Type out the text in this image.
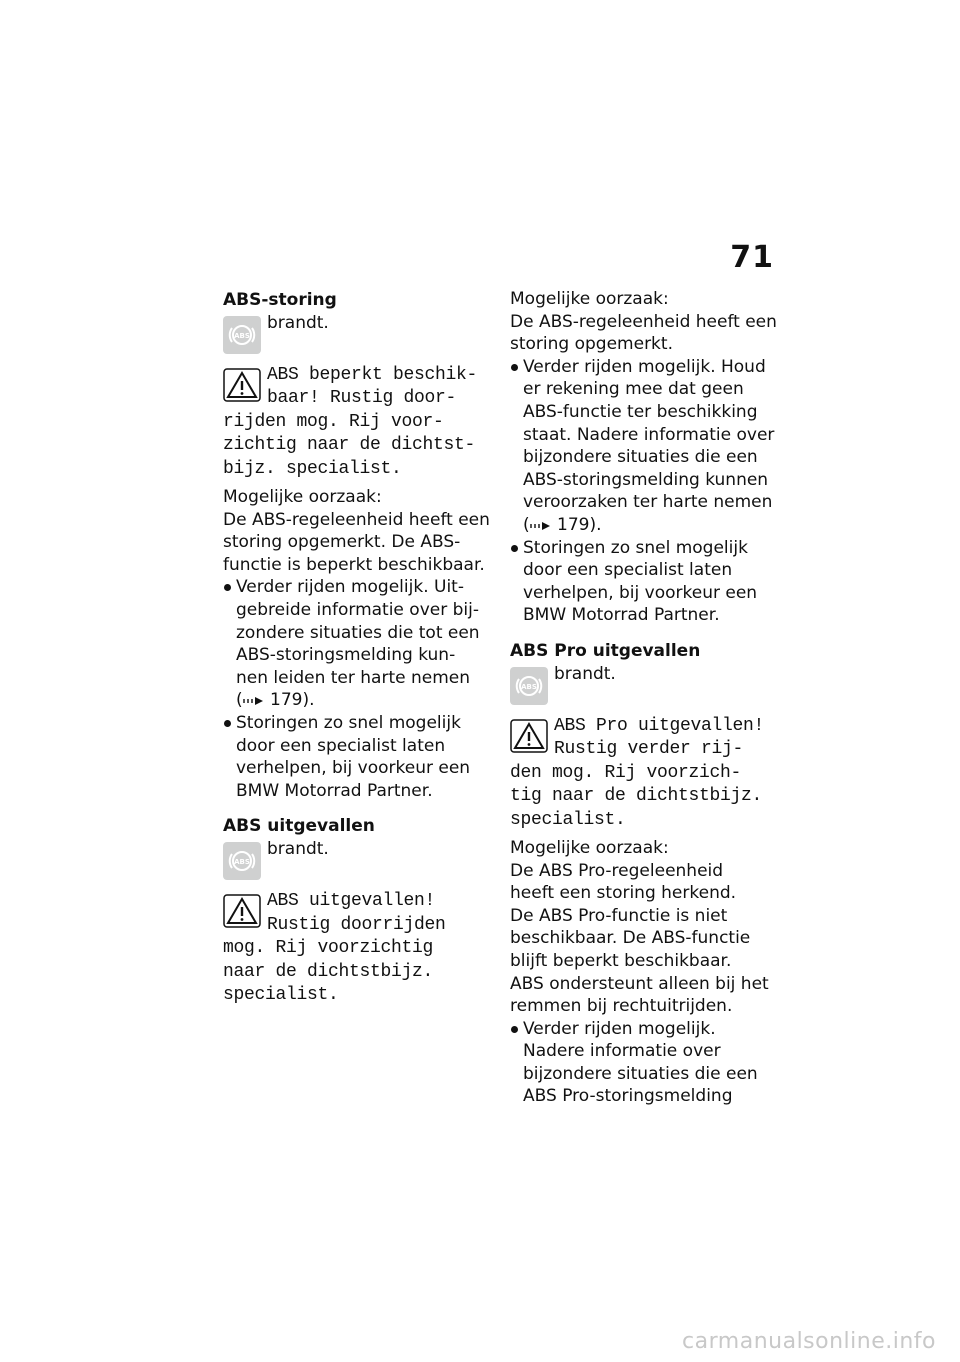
71
ABS-storing
ABS
brandt.
ABS beperkt beschik-
baar! Rustig door-
rijden mog. Rij voor-
zichtig naar de dichtst-
bijz. specialist.
Mogelijke oorzaak:
De ABS-regeleenheid heeft een
storing opgemerkt. De ABS-
functie is beperkt beschikbaar.
Verder rijden mogelijk. Uit-
gebreide informatie over bij-
zondere situaties die tot een
ABS-storingsmelding kun-
nen leiden ter harte nemen
( 179).
Storingen zo snel mogelijk
door een specialist laten
verhelpen, bij voorkeur een
BMW Motorrad Partner.
ABS uitgevallen
ABS
brandt.
ABS uitgevallen!
Rustig doorrijden
mog. Rij voorzichtig
naar de dichtstbijz.
specialist.
Mogelijke oorzaak:
De ABS-regeleenheid heeft een
storing opgemerkt.
Verder rijden mogelijk. Houd
er rekening mee dat geen
ABS-functie ter beschikking
staat. Nadere informatie over
bijzondere situaties die een
ABS-storingsmelding kunnen
veroorzaken ter harte nemen
( 179).
Storingen zo snel mogelijk
door een specialist laten
verhelpen, bij voorkeur een
BMW Motorrad Partner.
ABS Pro uitgevallen
ABS
brandt.
ABS Pro uitgevallen!
Rustig verder rij-
den mog. Rij voorzich-
tig naar de dichtstbijz.
specialist.
Mogelijke oorzaak:
De ABS Pro-regeleenheid
heeft een storing herkend.
De ABS Pro-functie is niet
beschikbaar. De ABS-functie
blijft beperkt beschikbaar.
ABS ondersteunt alleen bij het
remmen bij rechtuitrijden.
Verder rijden mogelijk.
Nadere informatie over
bijzondere situaties die een
ABS Pro-storingsmelding
carmanualsonline.info
